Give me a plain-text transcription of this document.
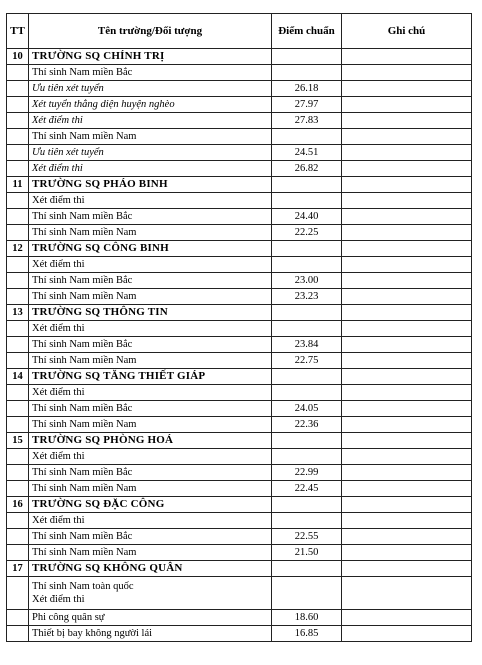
TT	Tên trường/Đối tượng	Điểm chuẩn	Ghi chú
10	TRƯỜNG SQ CHÍNH TRỊ		
	Thí sinh Nam miền Bắc		
	Ưu tiên xét tuyển	26.18	
	Xét tuyển thẳng diện huyện nghèo	27.97	
	Xét điểm thi	27.83	
	Thí sinh Nam miền Nam		
	Ưu tiên xét tuyển	24.51	
	Xét điểm thi	26.82	
11	TRƯỜNG SQ PHÁO BINH		
	Xét điểm thi		
	Thí sinh Nam miền Bắc	24.40	
	Thí sinh Nam miền Nam	22.25	
12	TRƯỜNG SQ CÔNG BINH		
	Xét điểm thi		
	Thí sinh Nam miền Bắc	23.00	
	Thí sinh Nam miền Nam	23.23	
13	TRƯỜNG SQ THÔNG TIN		
	Xét điểm thi		
	Thí sinh Nam miền Bắc	23.84	
	Thí sinh Nam miền Nam	22.75	
14	TRƯỜNG SQ TĂNG THIẾT GIÁP		
	Xét điểm thi		
	Thí sinh Nam miền Bắc	24.05	
	Thí sinh Nam miền Nam	22.36	
15	TRƯỜNG SQ PHÒNG HOÁ		
	Xét điểm thi		
	Thí sinh Nam miền Bắc	22.99	
	Thí sinh Nam miền Nam	22.45	
16	TRƯỜNG SQ ĐẶC CÔNG		
	Xét điểm thi		
	Thí sinh Nam miền Bắc	22.55	
	Thí sinh Nam miền Nam	21.50	
17	TRƯỜNG SQ KHÔNG QUÂN		

	Thí sinh Nam toàn quốc
Xét điểm thi		

	Phi công quân sự	18.60	
	Thiết bị bay không người lái	16.85	
